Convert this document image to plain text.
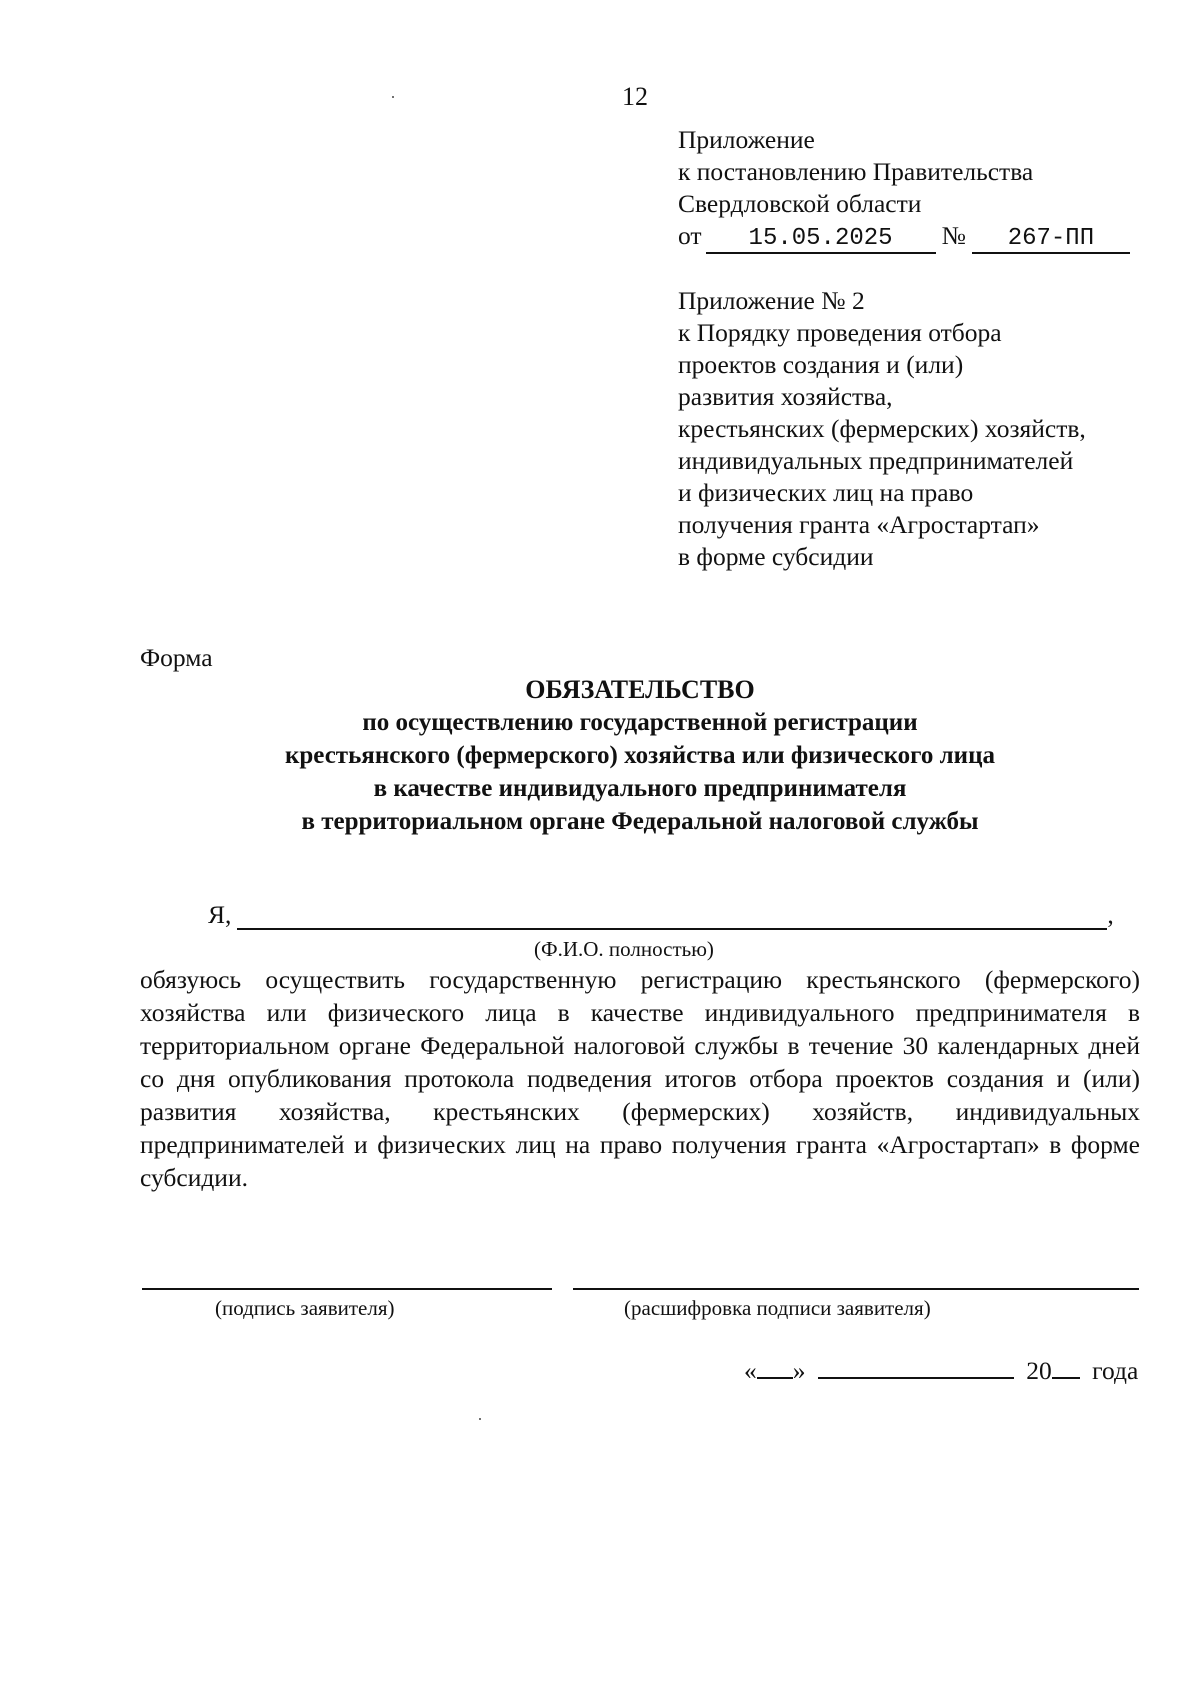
12
Приложение
к постановлению Правительства
Свердловской области
от 15.05.2025 № 267-ПП
Приложение № 2
к Порядку проведения отбора
проектов создания и (или)
развития хозяйства,
крестьянских (фермерских) хозяйств,
индивидуальных предпринимателей
и физических лиц на право
получения гранта «Агростартап»
в форме субсидии
Форма
ОБЯЗАТЕЛЬСТВО
по осуществлению государственной регистрации
крестьянского (фермерского) хозяйства или физического лица
в качестве индивидуального предпринимателя
в территориальном органе Федеральной налоговой службы
Я,	,
(Ф.И.О. полностью)
обязуюсь осуществить государственную регистрацию крестьянского (фермерского) хозяйства или физического лица в качестве индивидуального предпринимателя в территориальном органе Федеральной налоговой службы в течение 30 календарных дней со дня опубликования протокола подведения итогов отбора проектов создания и (или) развития хозяйства, крестьянских (фермерских) хозяйств, индивидуальных предпринимателей и физических лиц на право получения гранта «Агростартап» в форме субсидии.
(подпись заявителя)	(расшифровка подписи заявителя)
« »	20 года
